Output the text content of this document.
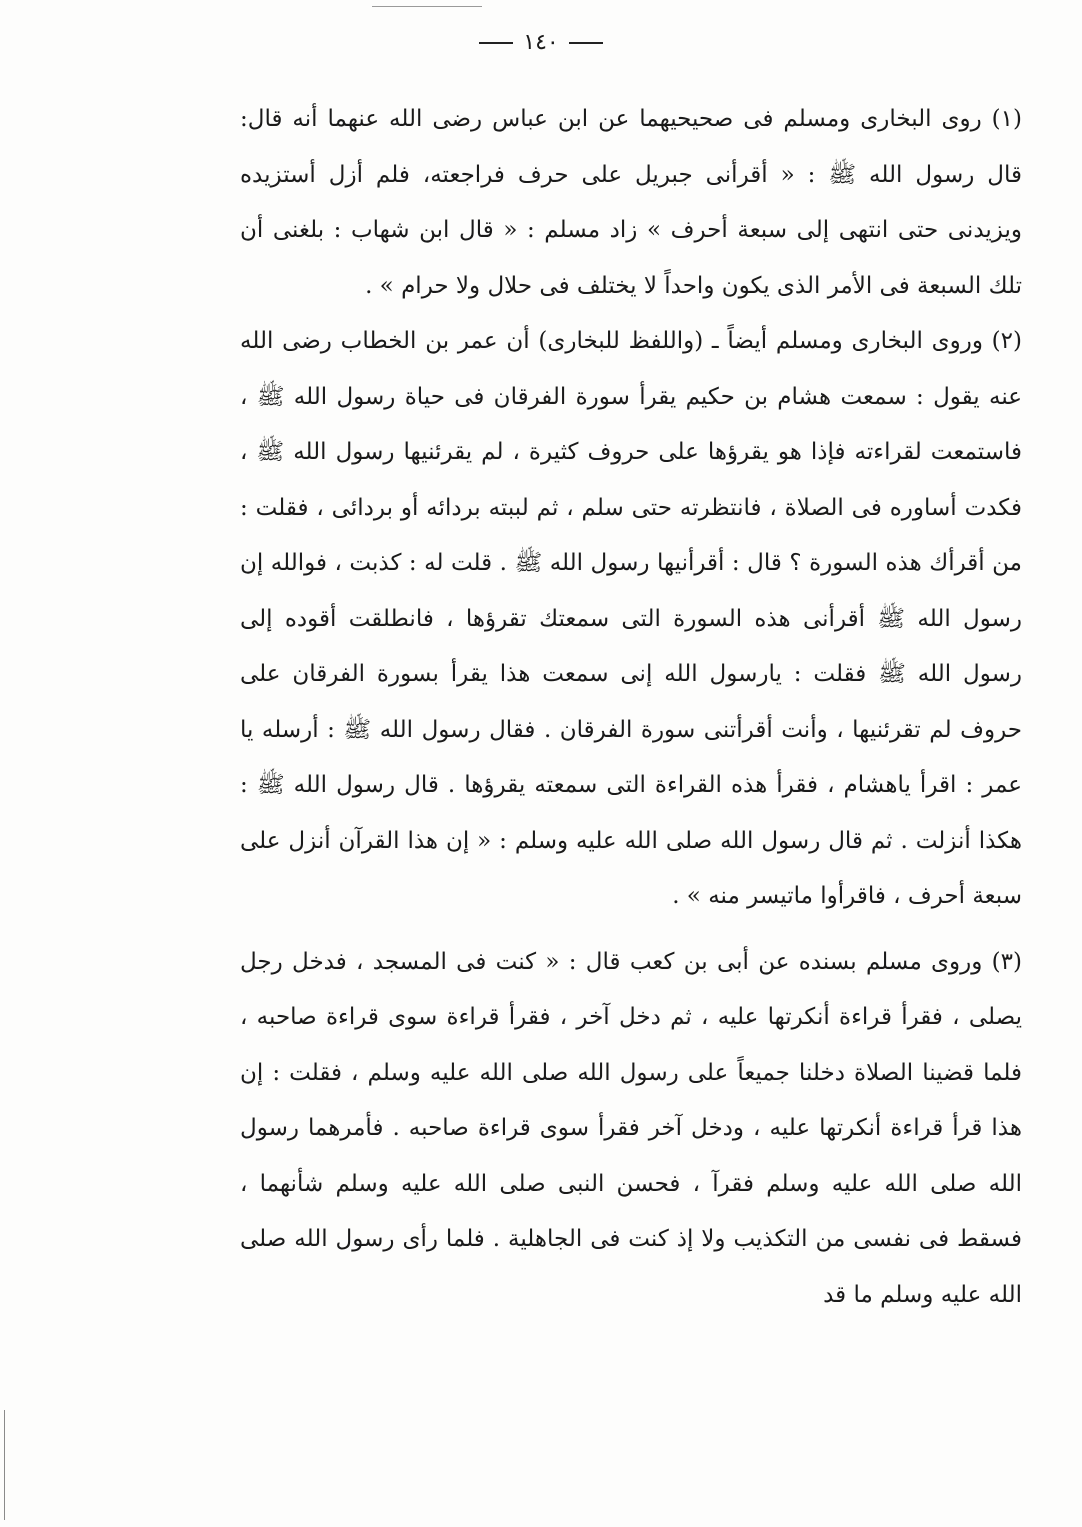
١٤٠

(١) روى البخارى ومسلم فى صحيحيهما عن ابن عباس رضى الله عنهما أنه قال: قال رسول الله ﷺ : « أقرأنى جبريل على حرف فراجعته، فلم أزل أستزيده ويزيدنى حتى انتهى إلى سبعة أحرف » زاد مسلم : « قال ابن شهاب : بلغنى أن تلك السبعة فى الأمر الذى يكون واحداً لا يختلف فى حلال ولا حرام » .

(٢) وروى البخارى ومسلم أيضاً ـ (واللفظ للبخارى) أن عمر بن الخطاب رضى الله عنه يقول : سمعت هشام بن حكيم يقرأ سورة الفرقان فى حياة رسول الله ﷺ ، فاستمعت لقراءته فإذا هو يقرؤها على حروف كثيرة ، لم يقرئنيها رسول الله ﷺ ، فكدت أساوره فى الصلاة ، فانتظرته حتى سلم ، ثم لببته بردائه أو بردائى ، فقلت : من أقرأك هذه السورة ؟ قال : أقرأنيها رسول الله ﷺ . قلت له : كذبت ، فوالله إن رسول الله ﷺ أقرأنى هذه السورة التى سمعتك تقرؤها ، فانطلقت أقوده إلى رسول الله ﷺ فقلت : يارسول الله إنى سمعت هذا يقرأ بسورة الفرقان على حروف لم تقرئنيها ، وأنت أقرأتنى سورة الفرقان . فقال رسول الله ﷺ : أرسله يا عمر : اقرأ ياهشام ، فقرأ هذه القراءة التى سمعته يقرؤها . قال رسول الله ﷺ : هكذا أنزلت . ثم قال رسول الله صلى الله عليه وسلم : « إن هذا القرآن أنزل على سبعة أحرف ، فاقرأوا ماتيسر منه » .

(٣) وروى مسلم بسنده عن أبى بن كعب قال : « كنت فى المسجد ، فدخل رجل يصلى ، فقرأ قراءة أنكرتها عليه ، ثم دخل آخر ، فقرأ قراءة سوى قراءة صاحبه ، فلما قضينا الصلاة دخلنا جميعاً على رسول الله صلى الله عليه وسلم ، فقلت : إن هذا قرأ قراءة أنكرتها عليه ، ودخل آخر فقرأ سوى قراءة صاحبه . فأمرهما رسول الله صلى الله عليه وسلم فقرآ ، فحسن النبى صلى الله عليه وسلم شأنهما ، فسقط فى نفسى من التكذيب ولا إذ كنت فى الجاهلية . فلما رأى رسول الله صلى الله عليه وسلم ما قد
